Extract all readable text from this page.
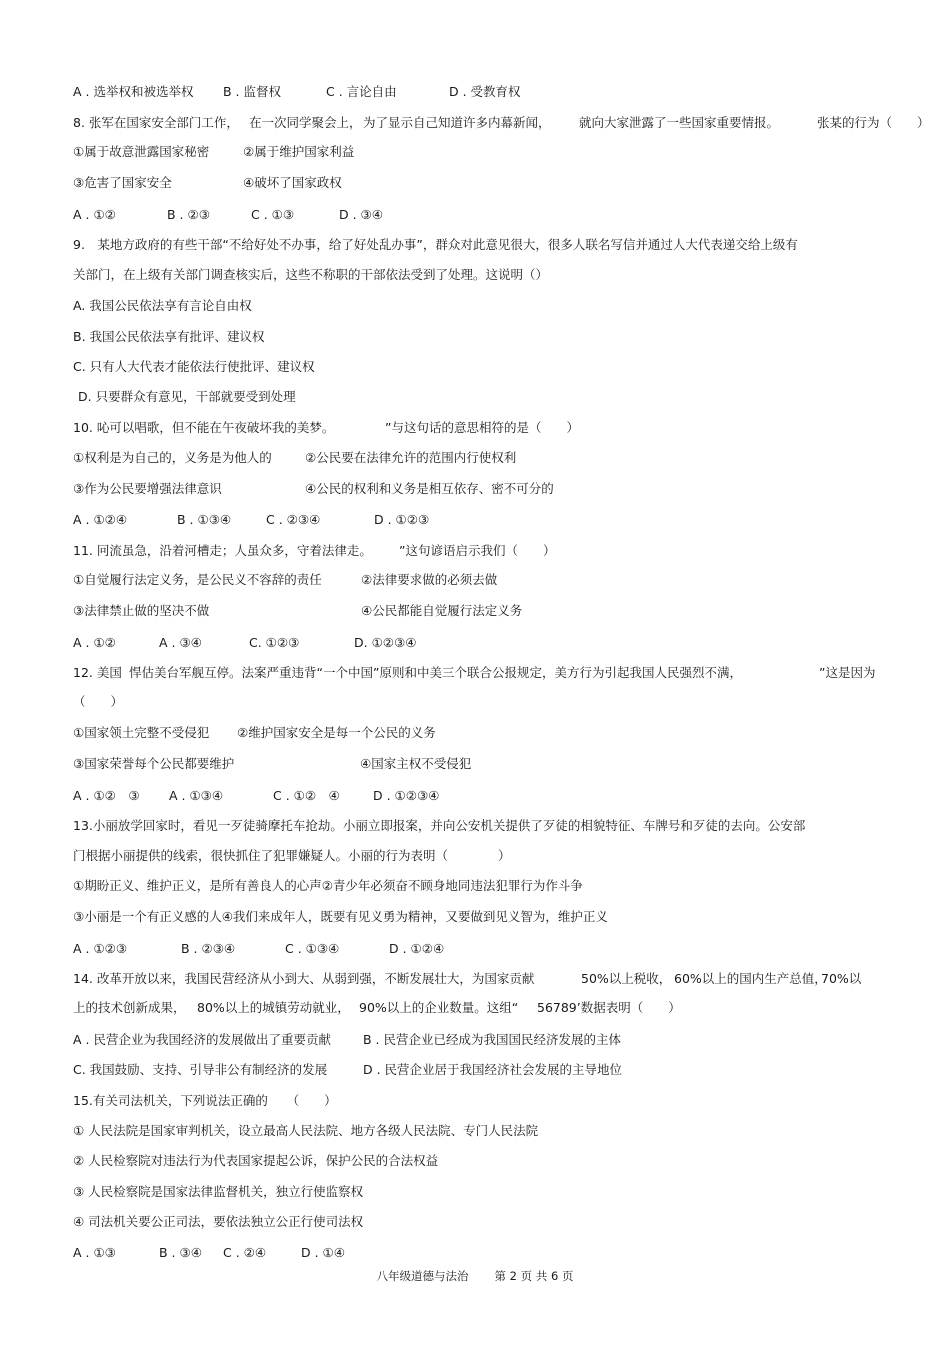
A . 选举权和被选举权 B . 监督权	C . 言论自由	D . 受教育权
8. 张军在国家安全部门工作， 在一次同学聚会上，为了显示自己知道许多内幕新闻， 就向大家泄露了一些国家重要情报。	张某的行为（　　）
①属于故意泄露国家秘密	②属于维护国家利益
③危害了国家安全	④破坏了国家政权
A . ①②	B . ②③	C . ①③	D . ③④
9.　某地方政府的有些干部“不给好处不办事，给了好处乱办事”，群众对此意见很大，很多人联名写信并通过人大代表递交给上级有
关部门，在上级有关部门调查核实后，这些不称职的干部依法受到了处理。这说明（）
A. 我国公民依法享有言论自由权
B. 我国公民依法享有批评、建议权
C. 只有人大代表才能依法行使批评、建议权
D. 只要群众有意见，干部就要受到处理
10. 吣可以唱歌，但不能在午夜破坏我的美梦。	”与这句话的意思相符的是（　　）
①权利是为自己的，义务是为他人的	②公民要在法律允许的范围内行使权利
③作为公民要增强法律意识	④公民的权利和义务是相互依存、密不可分的
A . ①②④	B . ①③④	C . ②③④	D . ①②③
11. 冋流虽急，沿着河槽走；人虽众多，守着法律走。 ”这句谚语启示我们（　　）
①自觉履行法定义务，是公民义不容辞的责任	②法律要求做的必须去做
③法律禁止做的坚决不做	④公民都能自觉履行法定义务
A . ①②	A . ③④	C. ①②③	D. ①②③④
12. 美国 悍估美台军舰互停。法案严重违背“一个中国”原则和中美三个联合公报规定，美方行为引起我国人民强烈不满，	”这是因为
（　　）
①国家领土完整不受侵犯 ②维护国家安全是每一个公民的义务
③国家荣誉每个公民都要维护	④国家主权不受侵犯
A . ①②　③ A . ①③④	C . ①②　④	D . ①②③④
13.小丽放学回家时，看见一歹徒骑摩托车抢劫。小丽立即报案，并向公安机关提供了歹徒的相貌特征、车牌号和歹徒的去向。公安部
门根据小丽提供的线索，很快抓住了犯罪嫌疑人。小丽的行为表明（　　　　）
①期盼正义、维护正义，是所有善良人的心声②青少年必须奋不顾身地同违法犯罪行为作斗争
③小丽是一个有正义感的人④我们来成年人，既要有见义勇为精神，又要做到见义智为，维护正义
A . ①②③	B . ②③④	C . ①③④	D . ①②④
14. 改革开放以来，我国民营经济从小到大、从弱到强，不断发展壮大，为国家贡献	50%以上税收， 60%以上的国内生产总值，70%以
上的技术创新成果， 80%以上的城镇劳动就业， 90%以上的企业数量。这组“ 56789’数据表明（　　）
A . 民营企业为我国经济的发展做出了重要贡献	B . 民营企业已经成为我国国民经济发展的主体
C. 我国鼓励、支持、引导非公有制经济的发展	D . 民营企业居于我国经济社会发展的主导地位
15.有关司法机关，下列说法正确的　　（　　）
① 人民法院是国家审判机关，设立最高人民法院、地方各级人民法院、专门人民法院
② 人民检察院对违法行为代表国家提起公诉，保护公民的合法权益
③ 人民检察院是国家法律监督机关，独立行使监察权
④ 司法机关要公正司法，要依法独立公正行使司法权
A . ①③	B . ③④ C . ②④	D . ①④
八年级道德与法治 第 2 页 共 6 页
